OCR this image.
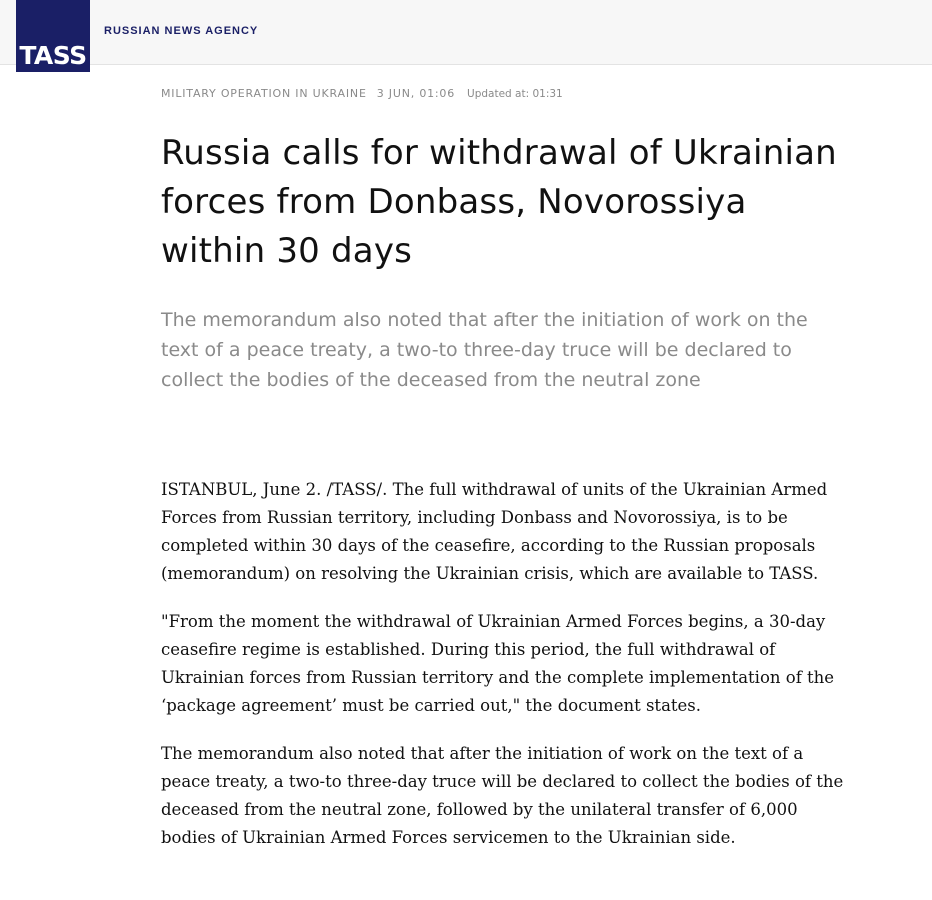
TASS
RUSSIAN NEWS AGENCY
MILITARY OPERATION IN UKRAINE 3 JUN, 01:06 Updated at: 01:31
Russia calls for withdrawal of Ukrainian forces from Donbass, Novorossiya within 30 days

The memorandum also noted that after the initiation of work on the text of a peace treaty, a two-to three-day truce will be declared to collect the bodies of the deceased from the neutral zone

ISTANBUL, June 2. /TASS/. The full withdrawal of units of the Ukrainian Armed Forces from Russian territory, including Donbass and Novorossiya, is to be completed within 30 days of the ceasefire, according to the Russian proposals (memorandum) on resolving the Ukrainian crisis, which are available to TASS.

"From the moment the withdrawal of Ukrainian Armed Forces begins, a 30-day ceasefire regime is established. During this period, the full withdrawal of Ukrainian forces from Russian territory and the complete implementation of the ‘package agreement’ must be carried out," the document states.

The memorandum also noted that after the initiation of work on the text of a peace treaty, a two-to three-day truce will be declared to collect the bodies of the deceased from the neutral zone, followed by the unilateral transfer of 6,000 bodies of Ukrainian Armed Forces servicemen to the Ukrainian side.
